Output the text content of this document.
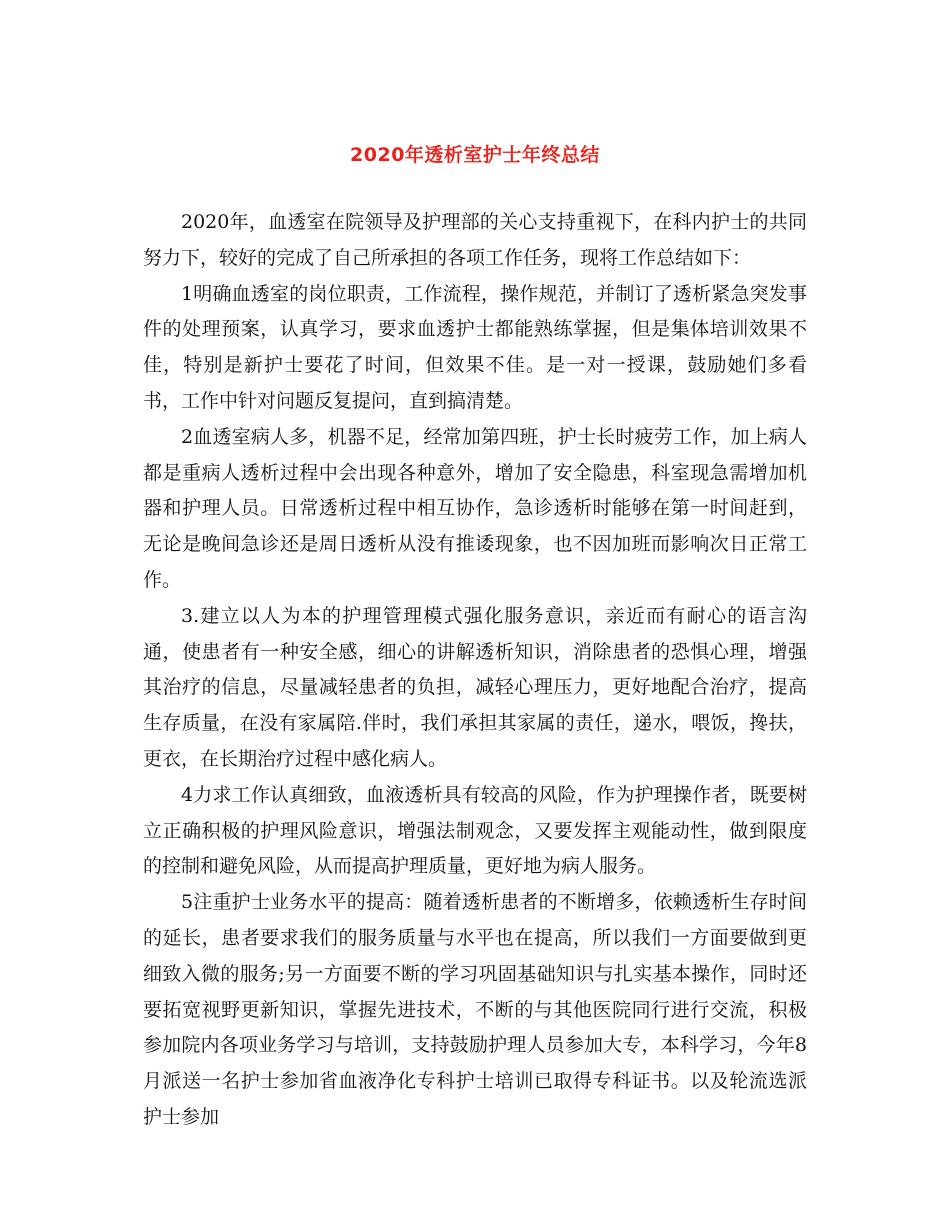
2020年透析室护士年终总结

2020年，血透室在院领导及护理部的关心支持重视下，在科内护士的共同努力下，较好的完成了自己所承担的各项工作任务，现将工作总结如下：

1明确血透室的岗位职责，工作流程，操作规范，并制订了透析紧急突发事件的处理预案，认真学习，要求血透护士都能熟练掌握，但是集体培训效果不佳，特别是新护士要花了时间，但效果不佳。是一对一授课，鼓励她们多看书，工作中针对问题反复提问，直到搞清楚。

2血透室病人多，机器不足，经常加第四班，护士长时疲劳工作，加上病人都是重病人透析过程中会出现各种意外，增加了安全隐患，科室现急需增加机器和护理人员。日常透析过程中相互协作，急诊透析时能够在第一时间赶到，无论是晚间急诊还是周日透析从没有推诿现象，也不因加班而影响次日正常工作。

3.建立以人为本的护理管理模式强化服务意识，亲近而有耐心的语言沟通，使患者有一种安全感，细心的讲解透析知识，消除患者的恐惧心理，增强其治疗的信息，尽量减轻患者的负担，减轻心理压力，更好地配合治疗，提高生存质量，在没有家属陪.伴时，我们承担其家属的责任，递水，喂饭，搀扶，更衣，在长期治疗过程中感化病人。

4力求工作认真细致，血液透析具有较高的风险，作为护理操作者，既要树立正确积极的护理风险意识，增强法制观念，又要发挥主观能动性，做到限度的控制和避免风险，从而提高护理质量，更好地为病人服务。

5注重护士业务水平的提高：随着透析患者的不断增多，依赖透析生存时间的延长，患者要求我们的服务质量与水平也在提高，所以我们一方面要做到更细致入微的服务;另一方面要不断的学习巩固基础知识与扎实基本操作，同时还要拓宽视野更新知识，掌握先进技术，不断的与其他医院同行进行交流，积极参加院内各项业务学习与培训，支持鼓励护理人员参加大专，本科学习，今年8月派送一名护士参加省血液净化专科护士培训已取得专科证书。以及轮流选派护士参加
